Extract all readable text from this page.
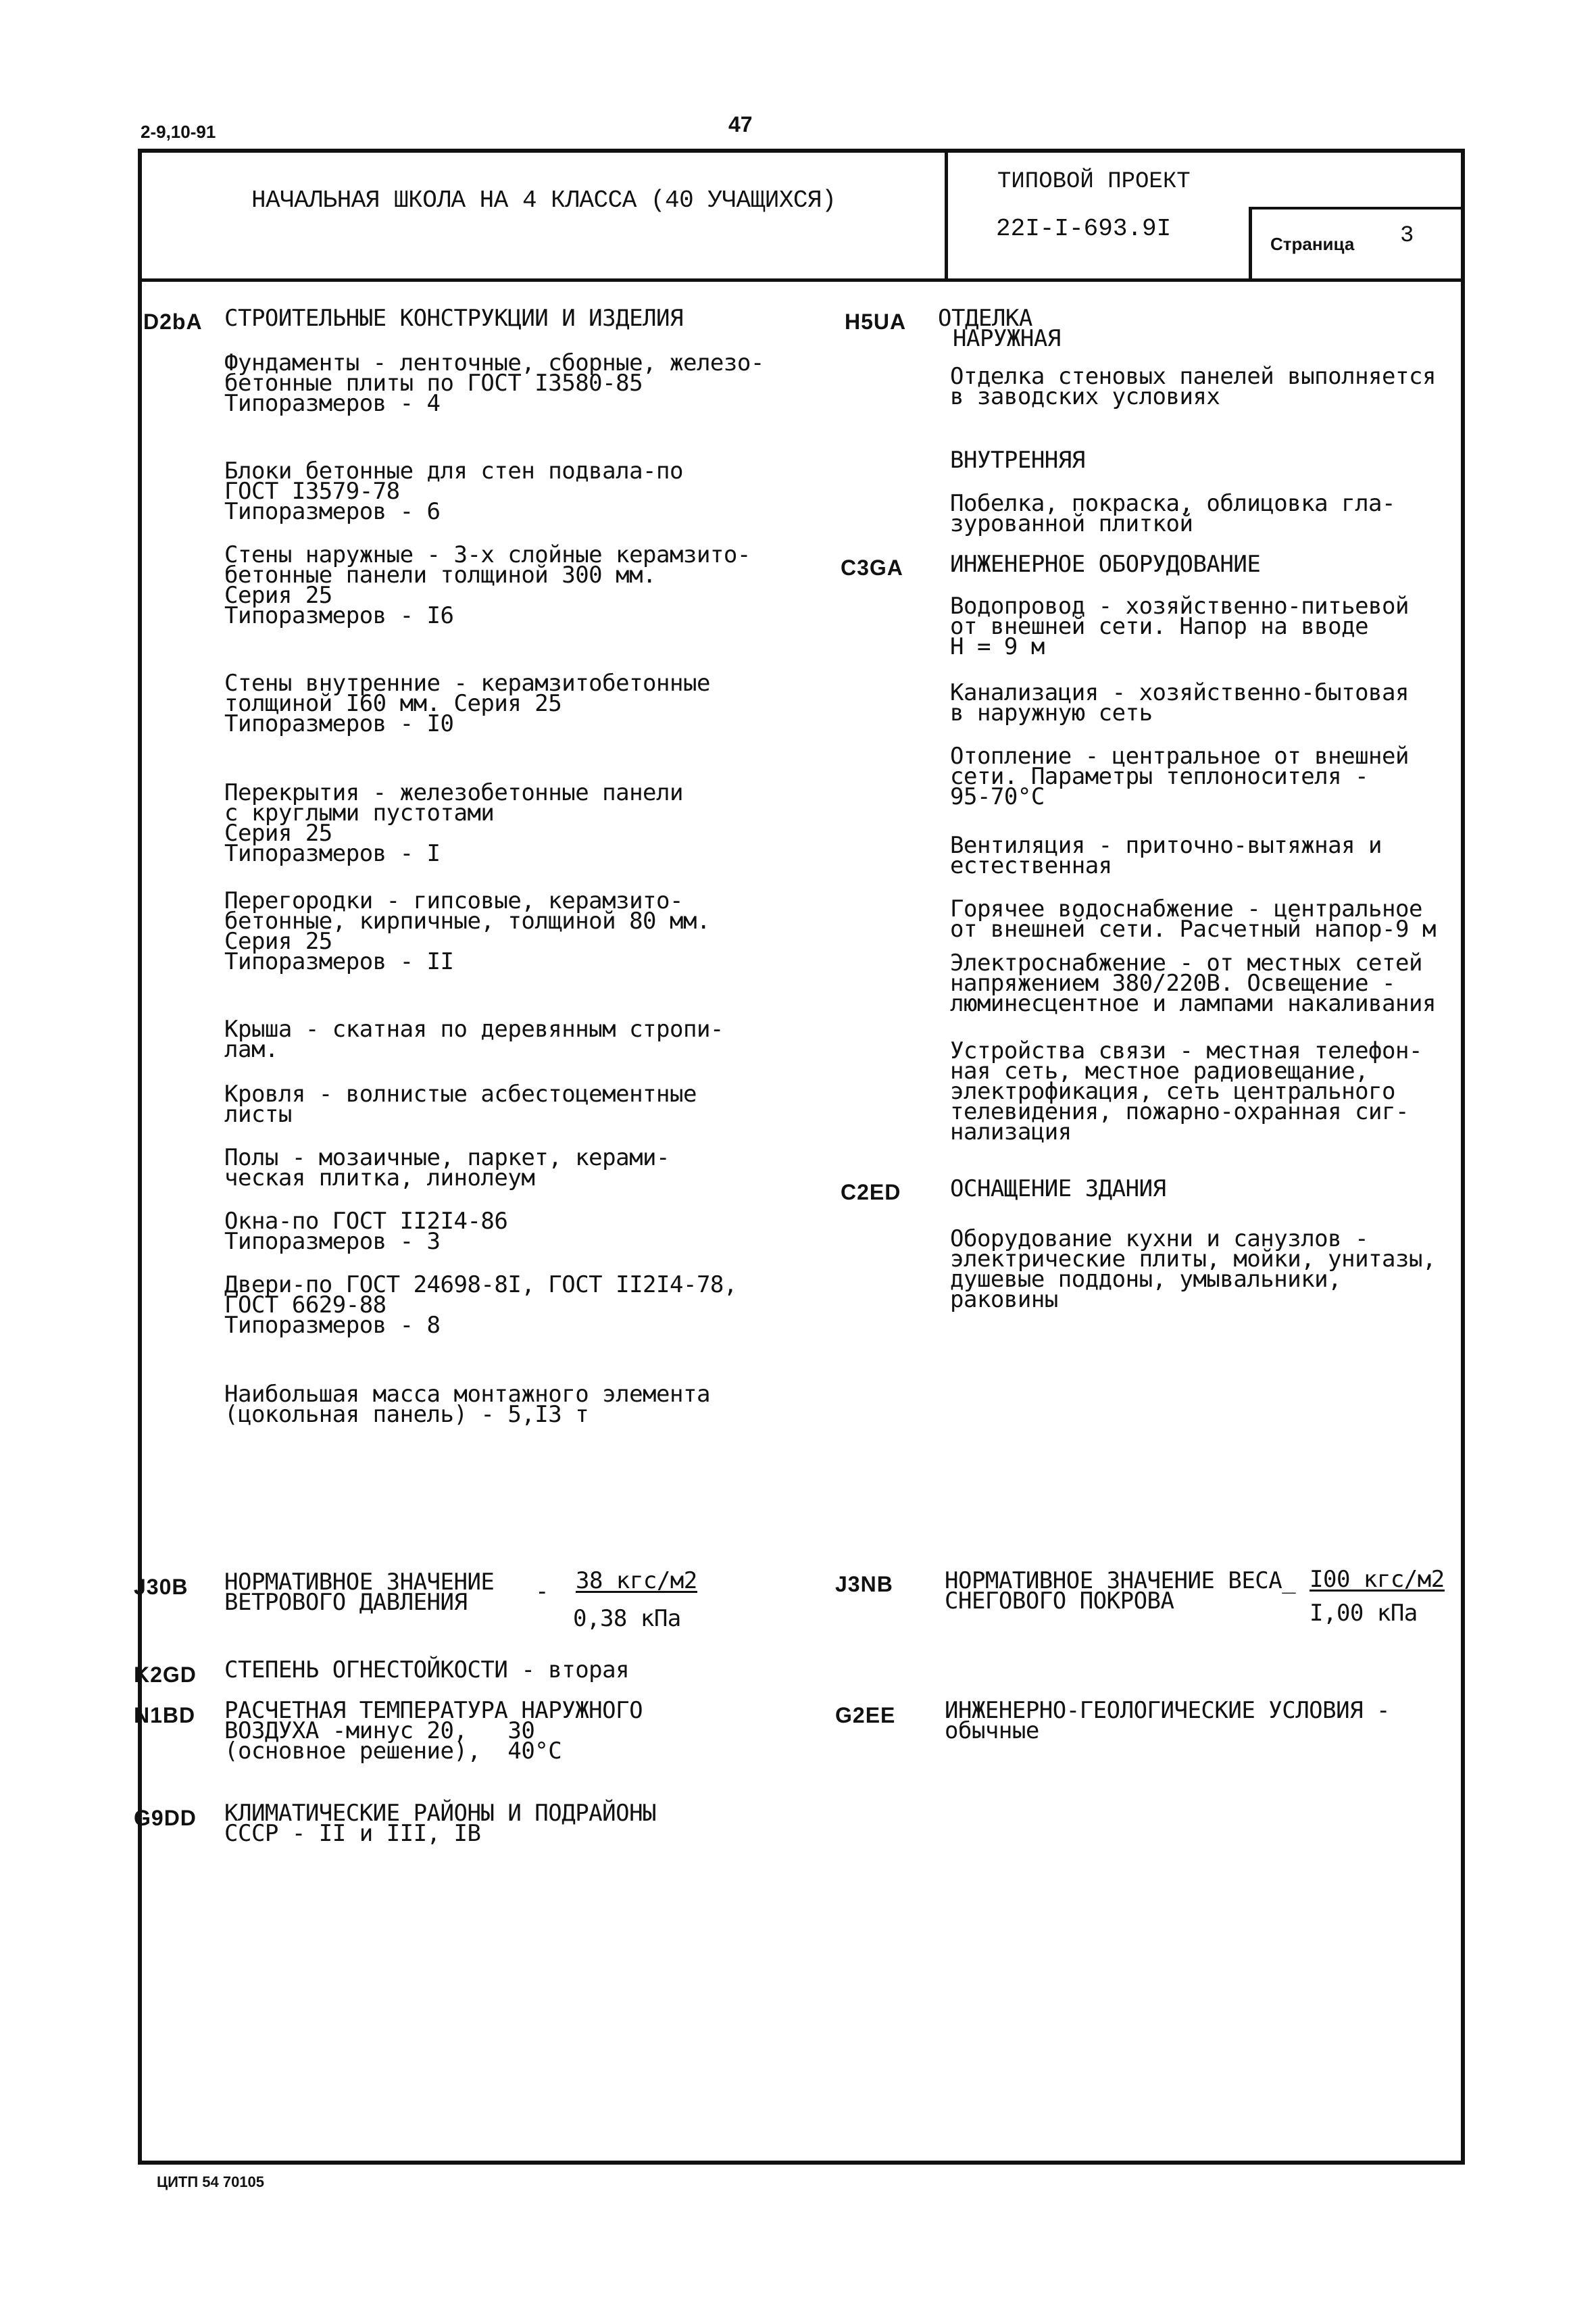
2-9,10-91	47
НАЧАЛЬНАЯ ШКОЛА НА 4 КЛАССА (40 УЧАЩИХСЯ)
ТИПОВОЙ ПРОЕКТ
22I-I-693.9I
Страница 3
D2bA СТРОИТЕЛЬНЫЕ КОНСТРУКЦИИ И ИЗДЕЛИЯ
Фундаменты - ленточные, сборные, железо-
бетонные плиты по ГОСТ I3580-85
Типоразмеров - 4
Блоки бетонные для стен подвала-по
ГОСТ I3579-78
Типоразмеров - 6
Стены наружные - 3-х слойные керамзито-
бетонные панели толщиной 300 мм.
Серия 25
Типоразмеров - I6
Стены внутренние - керамзитобетонные
толщиной I60 мм. Серия 25
Типоразмеров - I0
Перекрытия - железобетонные панели
с круглыми пустотами
Серия 25
Типоразмеров - I
Перегородки - гипсовые, керамзито-
бетонные, кирпичные, толщиной 80 мм.
Серия 25
Типоразмеров - II
Крыша - скатная по деревянным стропи-
лам.
Кровля - волнистые асбестоцементные
листы
Полы - мозаичные, паркет, керами-
ческая плитка, линолеум
Окна-по ГОСТ II2I4-86
Типоразмеров - 3
Двери-по ГОСТ 24698-8I, ГОСТ II2I4-78,
ГОСТ 6629-88
Типоразмеров - 8
Наибольшая масса монтажного элемента
(цокольная панель) - 5,I3 т
H5UA ОТДЕЛКА
НАРУЖНАЯ
Отделка стеновых панелей выполняется
в заводских условиях
ВНУТРЕННЯЯ
Побелка, покраска, облицовка гла-
зурованной плиткой
C3GA ИНЖЕНЕРНОЕ ОБОРУДОВАНИЕ
Водопровод - хозяйственно-питьевой
от внешней сети. Напор на вводе
Н = 9 м
Канализация - хозяйственно-бытовая
в наружную сеть
Отопление - центральное от внешней
сети. Параметры теплоносителя -
95-70°С
Вентиляция - приточно-вытяжная и
естественная
Горячее водоснабжение - центральное
от внешней сети. Расчетный напор-9 м
Электроснабжение - от местных сетей
напряжением 380/220В. Освещение -
люминесцентное и лампами накаливания
Устройства связи - местная телефон-
ная сеть, местное радиовещание,
электрофикация, сеть центрального
телевидения, пожарно-охранная сиг-
нализация
C2ED ОСНАЩЕНИЕ ЗДАНИЯ
Оборудование кухни и санузлов -
электрические плиты, мойки, унитазы,
душевые поддоны, умывальники,
раковины
J30B НОРМАТИВНОЕ ЗНАЧЕНИЕ
ВЕТРОВОГО ДАВЛЕНИЯ	- 38 кгс/м2
0,38 кПа
J3NB НОРМАТИВНОЕ ЗНАЧЕНИЕ ВЕСА_
СНЕГОВОГО ПОКРОВА
I00 кгс/м2
I,00 кПа
K2GD СТЕПЕНЬ ОГНЕСТОЙКОСТИ - вторая
N1BD РАСЧЕТНАЯ ТЕМПЕРАТУРА НАРУЖНОГО
ВОЗДУХА -минус 20,   30
(основное решение),  40°С
G2EE ИНЖЕНЕРНО-ГЕОЛОГИЧЕСКИЕ УСЛОВИЯ -
обычные
G9DD КЛИМАТИЧЕСКИЕ РАЙОНЫ И ПОДРАЙОНЫ
СССР - II и III, IВ
ЦИТП 54 70105
